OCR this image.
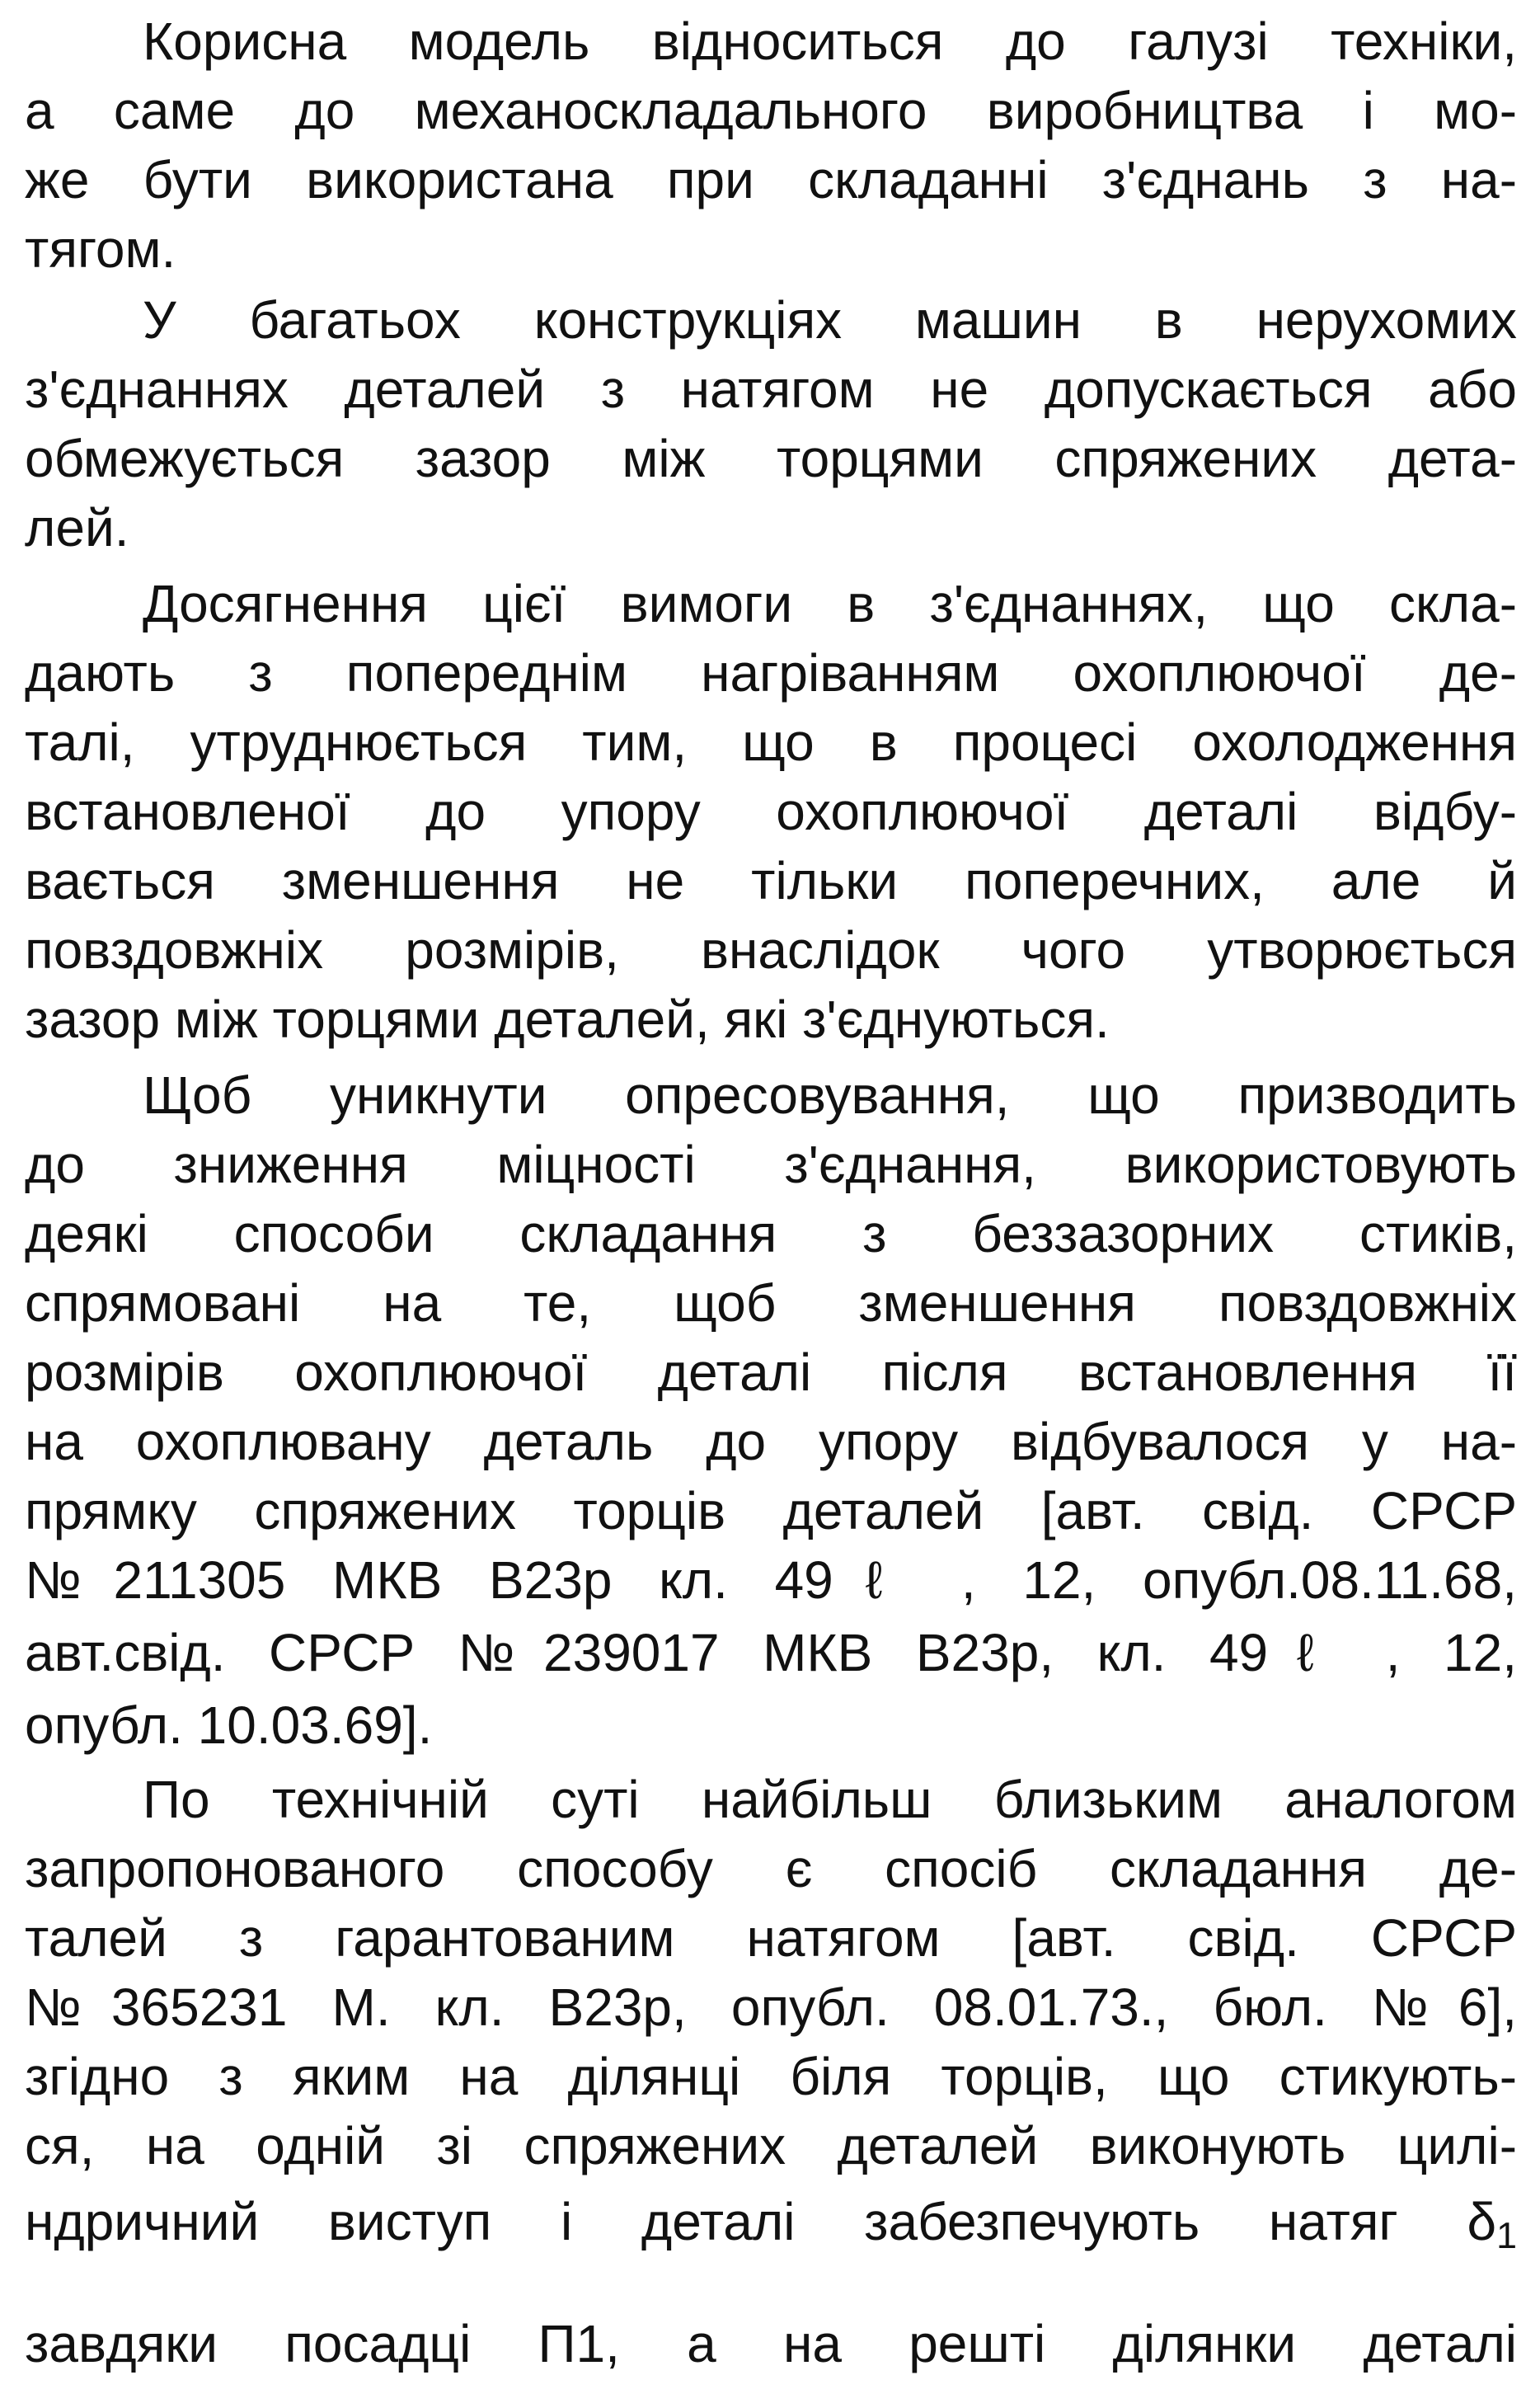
Корисна модель відноситься до галузі техніки,
а саме до механоскладального виробництва і мо-
же бути використана при складанні з'єднань з на-
тягом.
У багатьох конструкціях машин в нерухомих
з'єднаннях деталей з натягом не допускається або
обмежується зазор між торцями спряжених дета-
лей.
Досягнення цієї вимоги в з'єднаннях, що скла-
дають з попереднім нагріванням охоплюючої де-
талі, утруднюється тим, що в процесі охолодження
встановленої до упору охоплюючої деталі відбу-
вається зменшення не тільки поперечних, але й
повздовжніх розмірів, внаслідок чого утворюється
зазор між торцями деталей, які з'єднуються.
Щоб уникнути опресовування, що призводить
до зниження міцності з'єднання, використовують
деякі способи складання з беззазорних стиків,
спрямовані на те, щоб зменшення повздовжніх
розмірів охоплюючої деталі після встановлення її
на охоплювану деталь до упору відбувалося у на-
прямку спряжених торців деталей [авт. свід. СРСР
№211305 МКВ В23р кл. 49ℓ , 12, опубл.08.11.68,
авт.свід. СРСР №239017 МКВ В23р, кл. 49ℓ , 12,
опубл. 10.03.69].
По технічній суті найбільш близьким аналогом
запропонованого способу є спосіб складання де-
талей з гарантованим натягом [авт. свід. СРСР
№365231 М. кл. В23р, опубл. 08.01.73., бюл. №6],
згідно з яким на ділянці біля торців, що стикують-
ся, на одній зі спряжених деталей виконують цилі-
ндричний виступ і деталі забезпечують натяг $\delta_1$
завдяки посадці П1, а на решті ділянки деталі
